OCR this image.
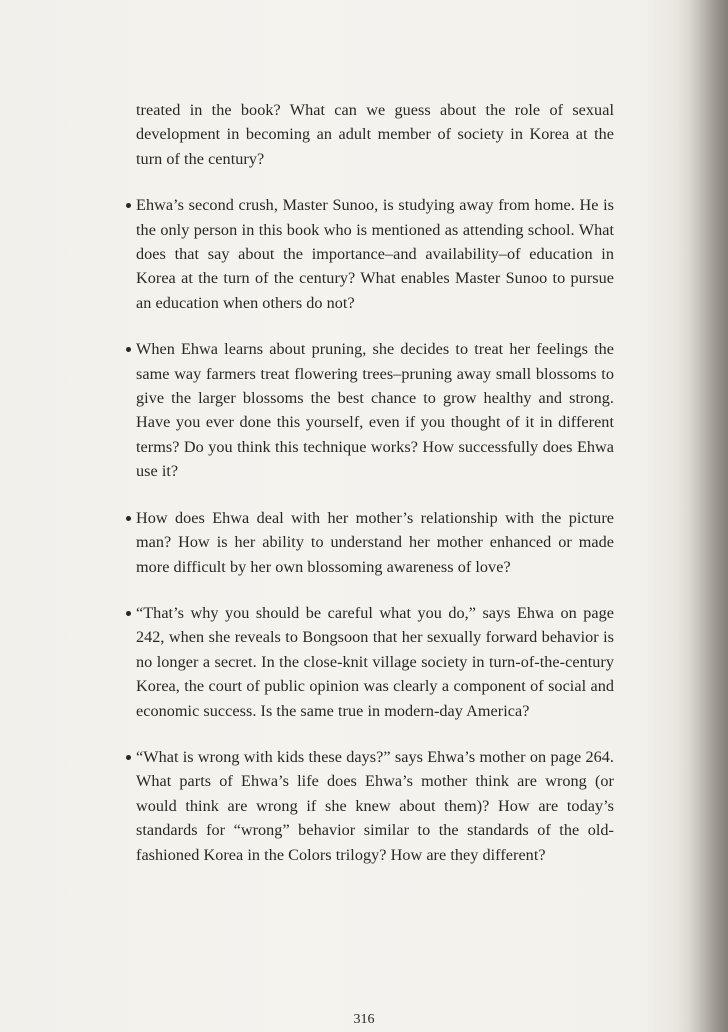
treated in the book? What can we guess about the role of sexual development in becoming an adult member of society in Korea at the turn of the century?

Ehwa’s second crush, Master Sunoo, is studying away from home. He is the only person in this book who is mentioned as attending school. What does that say about the importance–and availability–of education in Korea at the turn of the century? What enables Master Sunoo to pursue an education when others do not?

When Ehwa learns about pruning, she decides to treat her feelings the same way farmers treat flowering trees–pruning away small blossoms to give the larger blossoms the best chance to grow healthy and strong. Have you ever done this yourself, even if you thought of it in different terms? Do you think this technique works? How successfully does Ehwa use it?

How does Ehwa deal with her mother’s relationship with the picture man? How is her ability to understand her mother enhanced or made more difficult by her own blossoming awareness of love?

“That’s why you should be careful what you do,” says Ehwa on page 242, when she reveals to Bongsoon that her sexually forward behavior is no longer a secret. In the close-knit village society in turn-of-the-century Korea, the court of public opinion was clearly a component of social and economic success. Is the same true in modern-day America?

“What is wrong with kids these days?” says Ehwa’s mother on page 264. What parts of Ehwa’s life does Ehwa’s mother think are wrong (or would think are wrong if she knew about them)? How are today’s standards for “wrong” behavior similar to the standards of the old-fashioned Korea in the Colors trilogy? How are they different?

316
